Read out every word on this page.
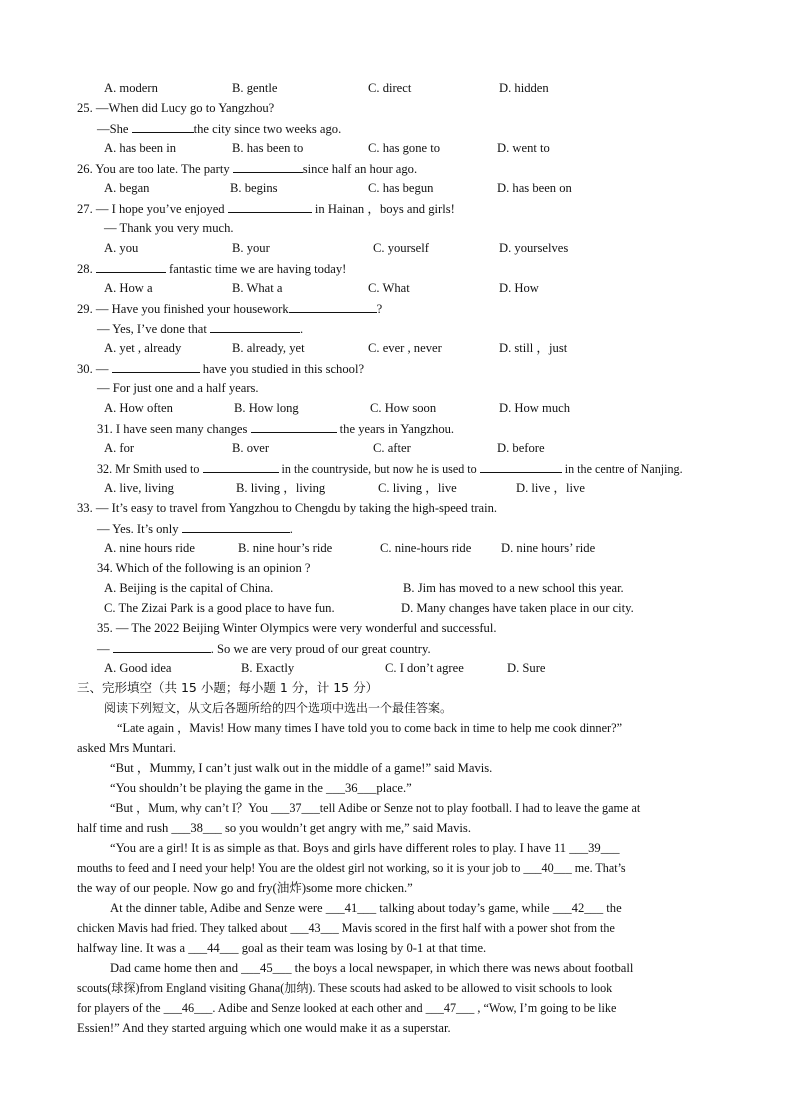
A. modern	B. gentle	C. direct	D. hidden
25. —When did Lucy go to Yangzhou?
—She	the city since two weeks ago.
A. has been in	B. has been to	C. has gone to	D. went to
26. You are too late. The party	since half an hour ago.
A. began	B. begins	C. has begun	D. has been on
27. — I hope you’ve enjoyed	in Hainan ，boys and girls!
— Thank you very much.
A. you	B. your	C. yourself	D. yourselves
28.	fantastic time we are having today!
A. How a	B. What a	C. What	D. How
29. — Have you finished your housework	?
— Yes, I’ve done that	.
A. yet , already	B. already, yet	C. ever , never	D. still ，just
30. —	have you studied in this school?
— For just one and a half years.
A. How often	B. How long	C. How soon	D. How much
31. I have seen many changes	the years in Yangzhou.
A. for	B. over	C. after	D. before
32. Mr Smith used to	in the countryside, but now he is used to	in the centre of Nanjing.
A. live, living	B. living ，living	C. living ，live	D. live ，live
33. — It’s easy to travel from Yangzhou to Chengdu by taking the high-speed train.
— Yes. It’s only	.
A. nine hours ride	B. nine hour’s ride	C. nine-hours ride D. nine hours’ ride
34. Which of the following is an opinion ?
A. Beijing is the capital of China.	B. Jim has moved to a new school this year.
C. The Zizai Park is a good place to have fun.	D. Many changes have taken place in our city.
35. — The 2022 Beijing Winter Olympics were very wonderful and successful.
—	. So we are very proud of our great country.
A. Good idea	B. Exactly	C. I don’t agree	D. Sure
三、完形填空（共 15 小题；每小题 1 分，计 15 分）
阅读下列短文，从文后各题所给的四个选项中选出一个最佳答案。
“Late again ，Mavis! How many times I have told you to come back in time to help me cook dinner?”
asked Mrs Muntari.
“But ，Mummy, I can’t just walk out in the middle of a game!” said Mavis.
“You shouldn’t be playing the game in the ___36___place.”
“But ，Mum, why can’t I？You ___37___tell Adibe or Senze not to play football. I had to leave the game at
half time and rush ___38___ so you wouldn’t get angry with me,” said Mavis.
“You are a girl! It is as simple as that. Boys and girls have different roles to play. I have 11 ___39___
mouths to feed and I need your help! You are the oldest girl not working, so it is your job to ___40___ me. That’s
the way of our people. Now go and fry(油炸)some more chicken.”
At the dinner table, Adibe and Senze were ___41___ talking about today’s game, while ___42___ the
chicken Mavis had fried. They talked about ___43___ Mavis scored in the first half with a power shot from the
halfway line. It was a ___44___ goal as their team was losing by 0-1 at that time.
Dad came home then and ___45___ the boys a local newspaper, in which there was news about football
scouts(球探)from England visiting Ghana(加纳). These scouts had asked to be allowed to visit schools to look
for players of the ___46___. Adibe and Senze looked at each other and ___47___ , “Wow, I’m going to be like
Essien!” And they started arguing which one would make it as a superstar.
